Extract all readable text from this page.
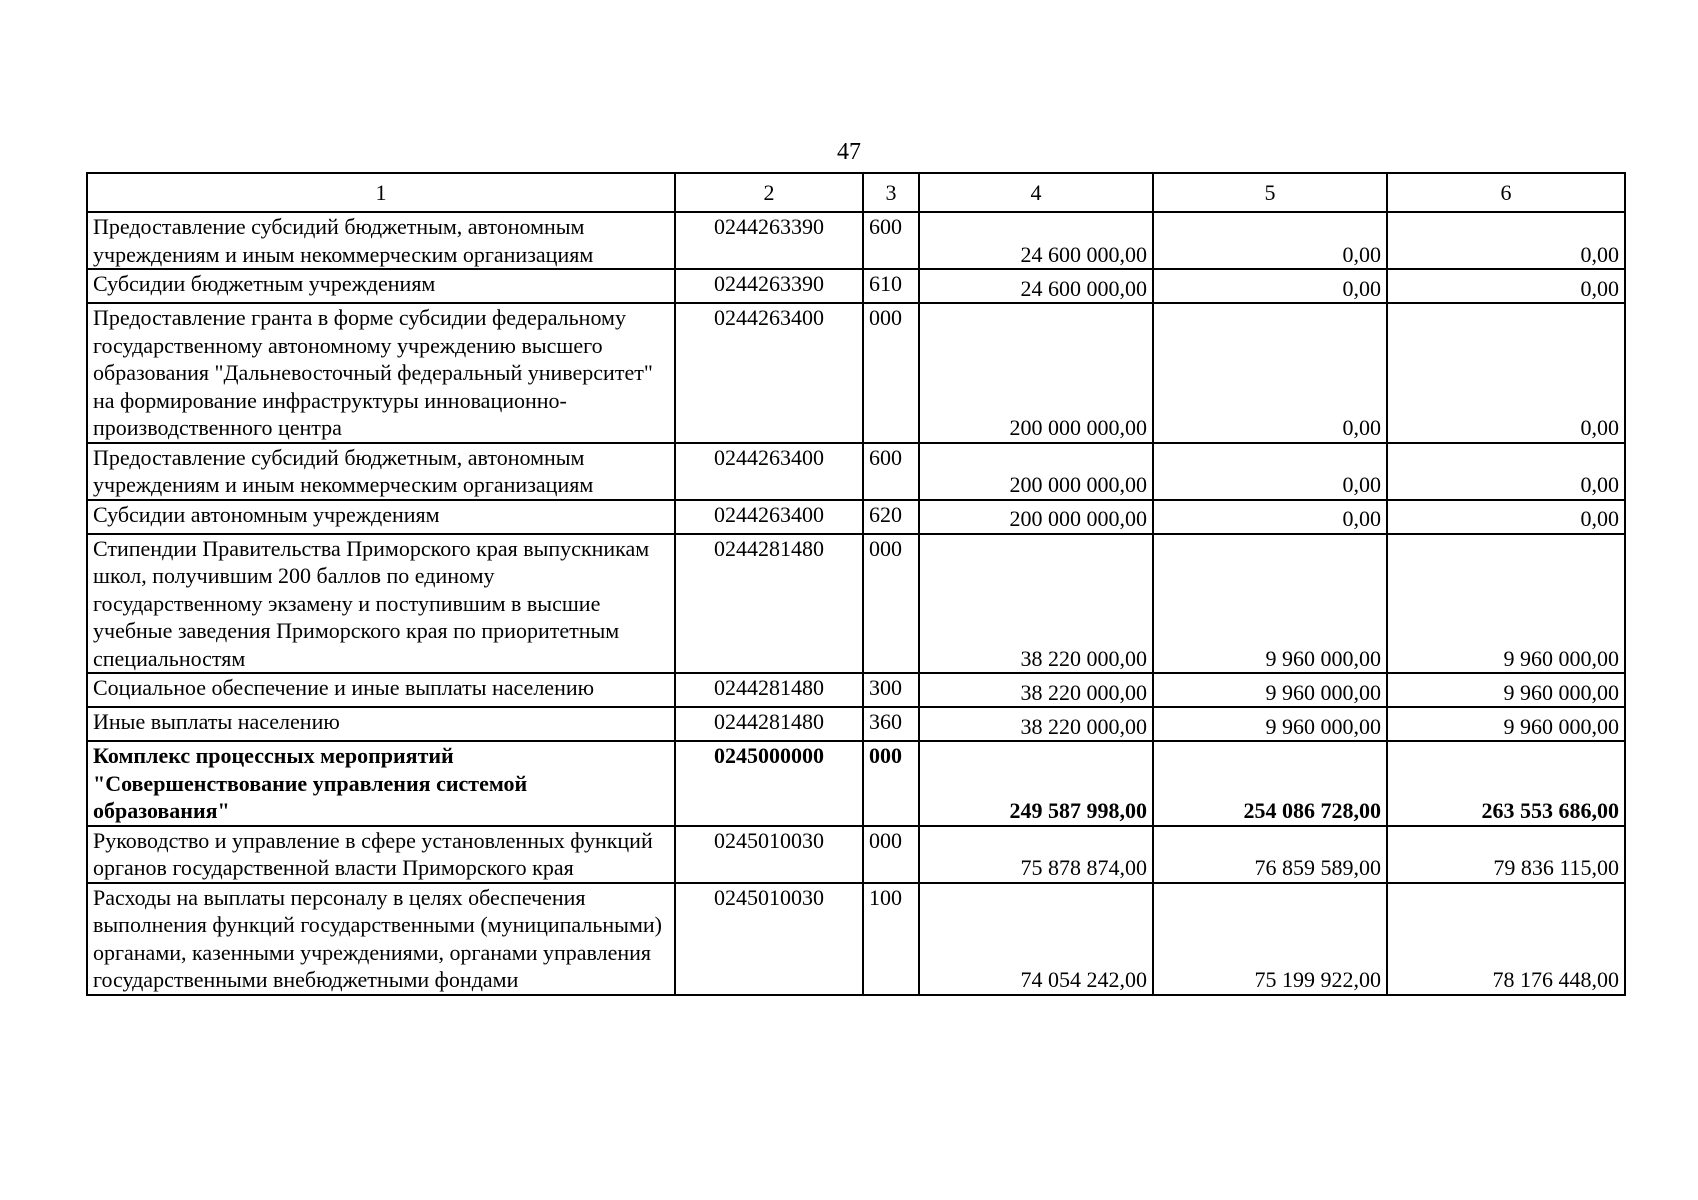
47
1	2	3	4	5	6
Предоставление субсидий бюджетным, автономным учреждениям и иным некоммерческим организациям	0244263390	600	24 600 000,00	0,00	0,00
Субсидии бюджетным учреждениям	0244263390	610	24 600 000,00	0,00	0,00
Предоставление гранта в форме субсидии федеральному государственному автономному учреждению высшего образования "Дальневосточный федеральный университет" на формирование инфраструктуры инновационно-производственного центра	0244263400	000	200 000 000,00	0,00	0,00
Предоставление субсидий бюджетным, автономным учреждениям и иным некоммерческим организациям	0244263400	600	200 000 000,00	0,00	0,00
Субсидии автономным учреждениям	0244263400	620	200 000 000,00	0,00	0,00
Стипендии Правительства Приморского края выпускникам школ, получившим 200 баллов по единому государственному экзамену и поступившим в высшие учебные заведения Приморского края по приоритетным специальностям	0244281480	000	38 220 000,00	9 960 000,00	9 960 000,00
Социальное обеспечение и иные выплаты населению	0244281480	300	38 220 000,00	9 960 000,00	9 960 000,00
Иные выплаты населению	0244281480	360	38 220 000,00	9 960 000,00	9 960 000,00
Комплекс процессных мероприятий "Совершенствование управления системой образования"	0245000000	000	249 587 998,00	254 086 728,00	263 553 686,00
Руководство и управление в сфере установленных функций органов государственной власти Приморского края	0245010030	000	75 878 874,00	76 859 589,00	79 836 115,00
Расходы на выплаты персоналу в целях обеспечения выполнения функций государственными (муниципальными) органами, казенными учреждениями, органами управления государственными внебюджетными фондами	0245010030	100	74 054 242,00	75 199 922,00	78 176 448,00
